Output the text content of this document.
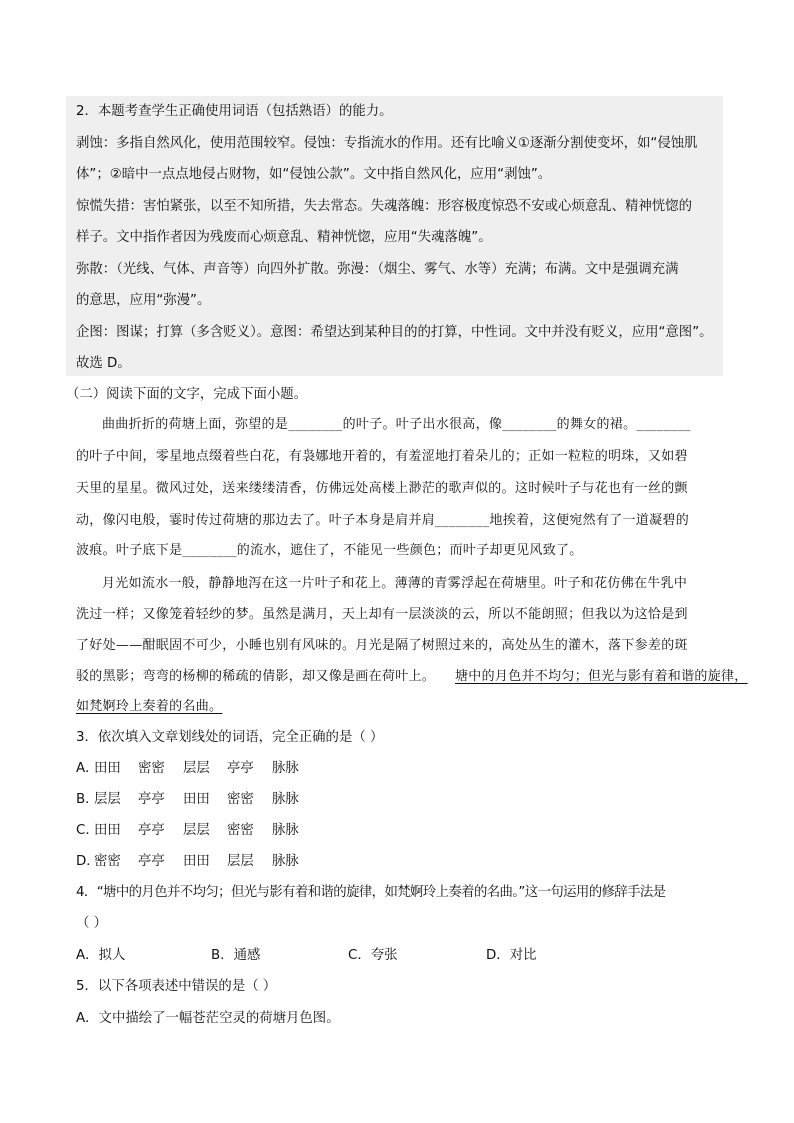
2．本题考查学生正确使用词语（包括熟语）的能力。
剥蚀：多指自然风化，使用范围较窄。侵蚀：专指流水的作用。还有比喻义①逐渐分割使变坏，如“侵蚀肌
体”；②暗中一点点地侵占财物，如“侵蚀公款”。文中指自然风化，应用“剥蚀”。
惊慌失措：害怕紧张，以至不知所措，失去常态。失魂落魄：形容极度惊恐不安或心烦意乱、精神恍惚的
样子。文中指作者因为残废而心烦意乱、精神恍惚，应用“失魂落魄”。
弥散：（光线、气体、声音等）向四外扩散。弥漫：（烟尘、雾气、水等）充满；布满。文中是强调充满
的意思，应用“弥漫”。
企图：图谋；打算（多含贬义）。意图：希望达到某种目的的打算，中性词。文中并没有贬义，应用“意图”。
故选 D。
（二）阅读下面的文字，完成下面小题。
曲曲折折的荷塘上面，弥望的是________的叶子。叶子出水很高，像________的舞女的裙。________
的叶子中间，零星地点缀着些白花，有袅娜地开着的，有羞涩地打着朵儿的；正如一粒粒的明珠，又如碧
天里的星星。微风过处，送来缕缕清香，仿佛远处高楼上渺茫的歌声似的。这时候叶子与花也有一丝的颤
动，像闪电般，霎时传过荷塘的那边去了。叶子本身是肩并肩________地挨着，这便宛然有了一道凝碧的
波痕。叶子底下是________的流水，遮住了，不能见一些颜色；而叶子却更见风致了。
月光如流水一般，静静地泻在这一片叶子和花上。薄薄的青雾浮起在荷塘里。叶子和花仿佛在牛乳中
洗过一样；又像笼着轻纱的梦。虽然是满月，天上却有一层淡淡的云，所以不能朗照；但我以为这恰是到
了好处——酣眠固不可少，小睡也别有风味的。月光是隔了树照过来的，高处丛生的灌木，落下参差的斑
驳的黑影；弯弯的杨柳的稀疏的倩影，却又像是画在荷叶上。 塘中的月色并不均匀；但光与影有着和谐的旋律，
如梵婀玲上奏着的名曲。
3．依次填入文章划线处的词语，完全正确的是（ ）
A．
田田 密密 层层 亭亭 脉脉
B．
层层 亭亭 田田 密密 脉脉
C．
田田 亭亭 层层 密密 脉脉
D．
密密 亭亭 田田 层层 脉脉
4．“塘中的月色并不均匀；但光与影有着和谐的旋律，如梵婀玲上奏着的名曲。”这一句运用的修辞手法是
（ ）
A．拟人	B．通感	C．夸张	D．对比
5．以下各项表述中错误的是（ ）
A．文中描绘了一幅苍茫空灵的荷塘月色图。
